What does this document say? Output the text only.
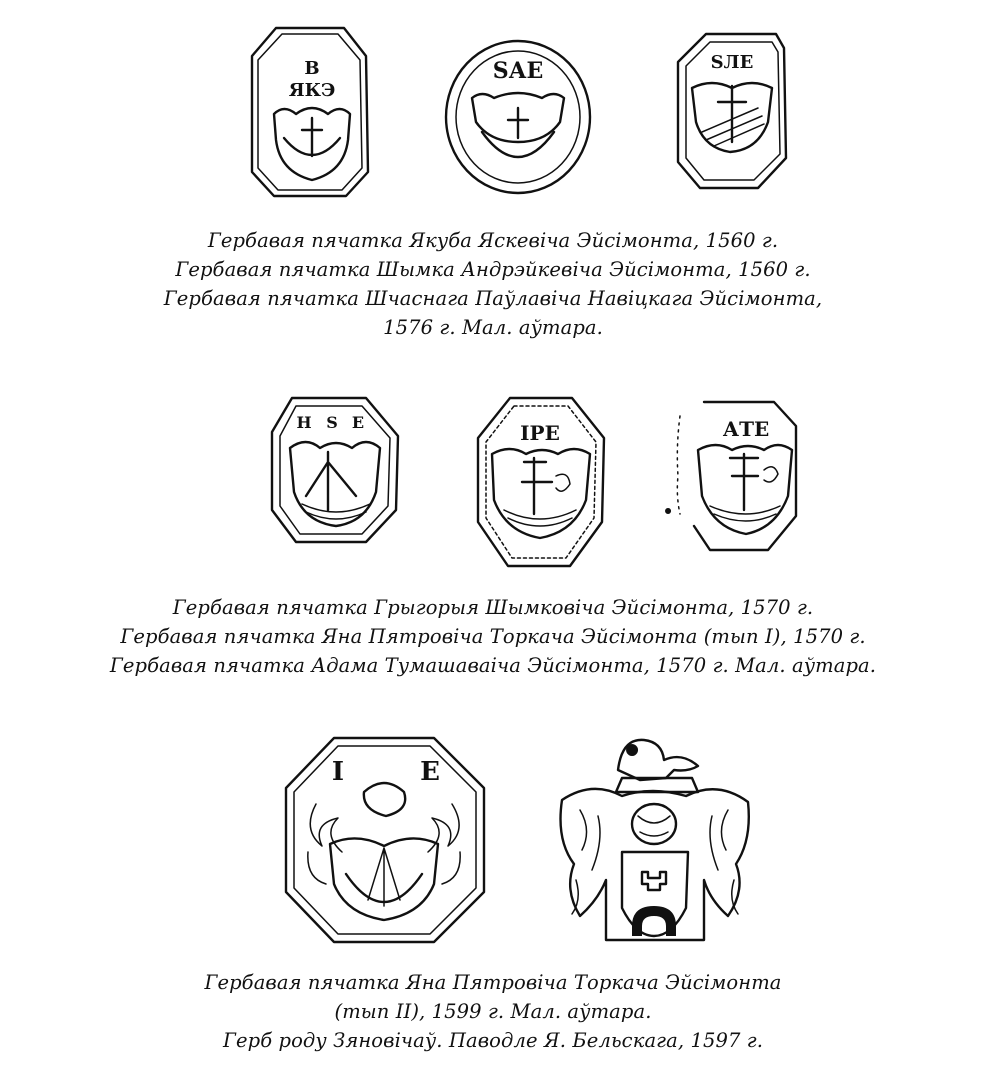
В
ЯКЭ
ЅАЕ	ЅЛЕ
Гербавая пячатка Якуба Яскевіча Эйсімонта, 1560 г.
Гербавая пячатка Шымка Андрэйкевіча Эйсімонта, 1560 г.
Гербавая пячатка Шчаснага Паўлавіча Навіцкага Эйсімонта,
1576 г. Мал. аўтара.
Н Ѕ Е	IPE	АТЕ
Гербавая пячатка Грыгорыя Шымковіча Эйсімонта, 1570 г.
Гербавая пячатка Яна Пятровіча Торкача Эйсімонта (тып I), 1570 г.
Гербавая пячатка Адама Тумашаваіча Эйсімонта, 1570 г. Мал. аўтара.
I	E
Гербавая пячатка Яна Пятровіча Торкача Эйсімонта
(тып II), 1599 г. Мал. аўтара.
Герб роду Зяновічаў. Паводле Я. Бельскага, 1597 г.
